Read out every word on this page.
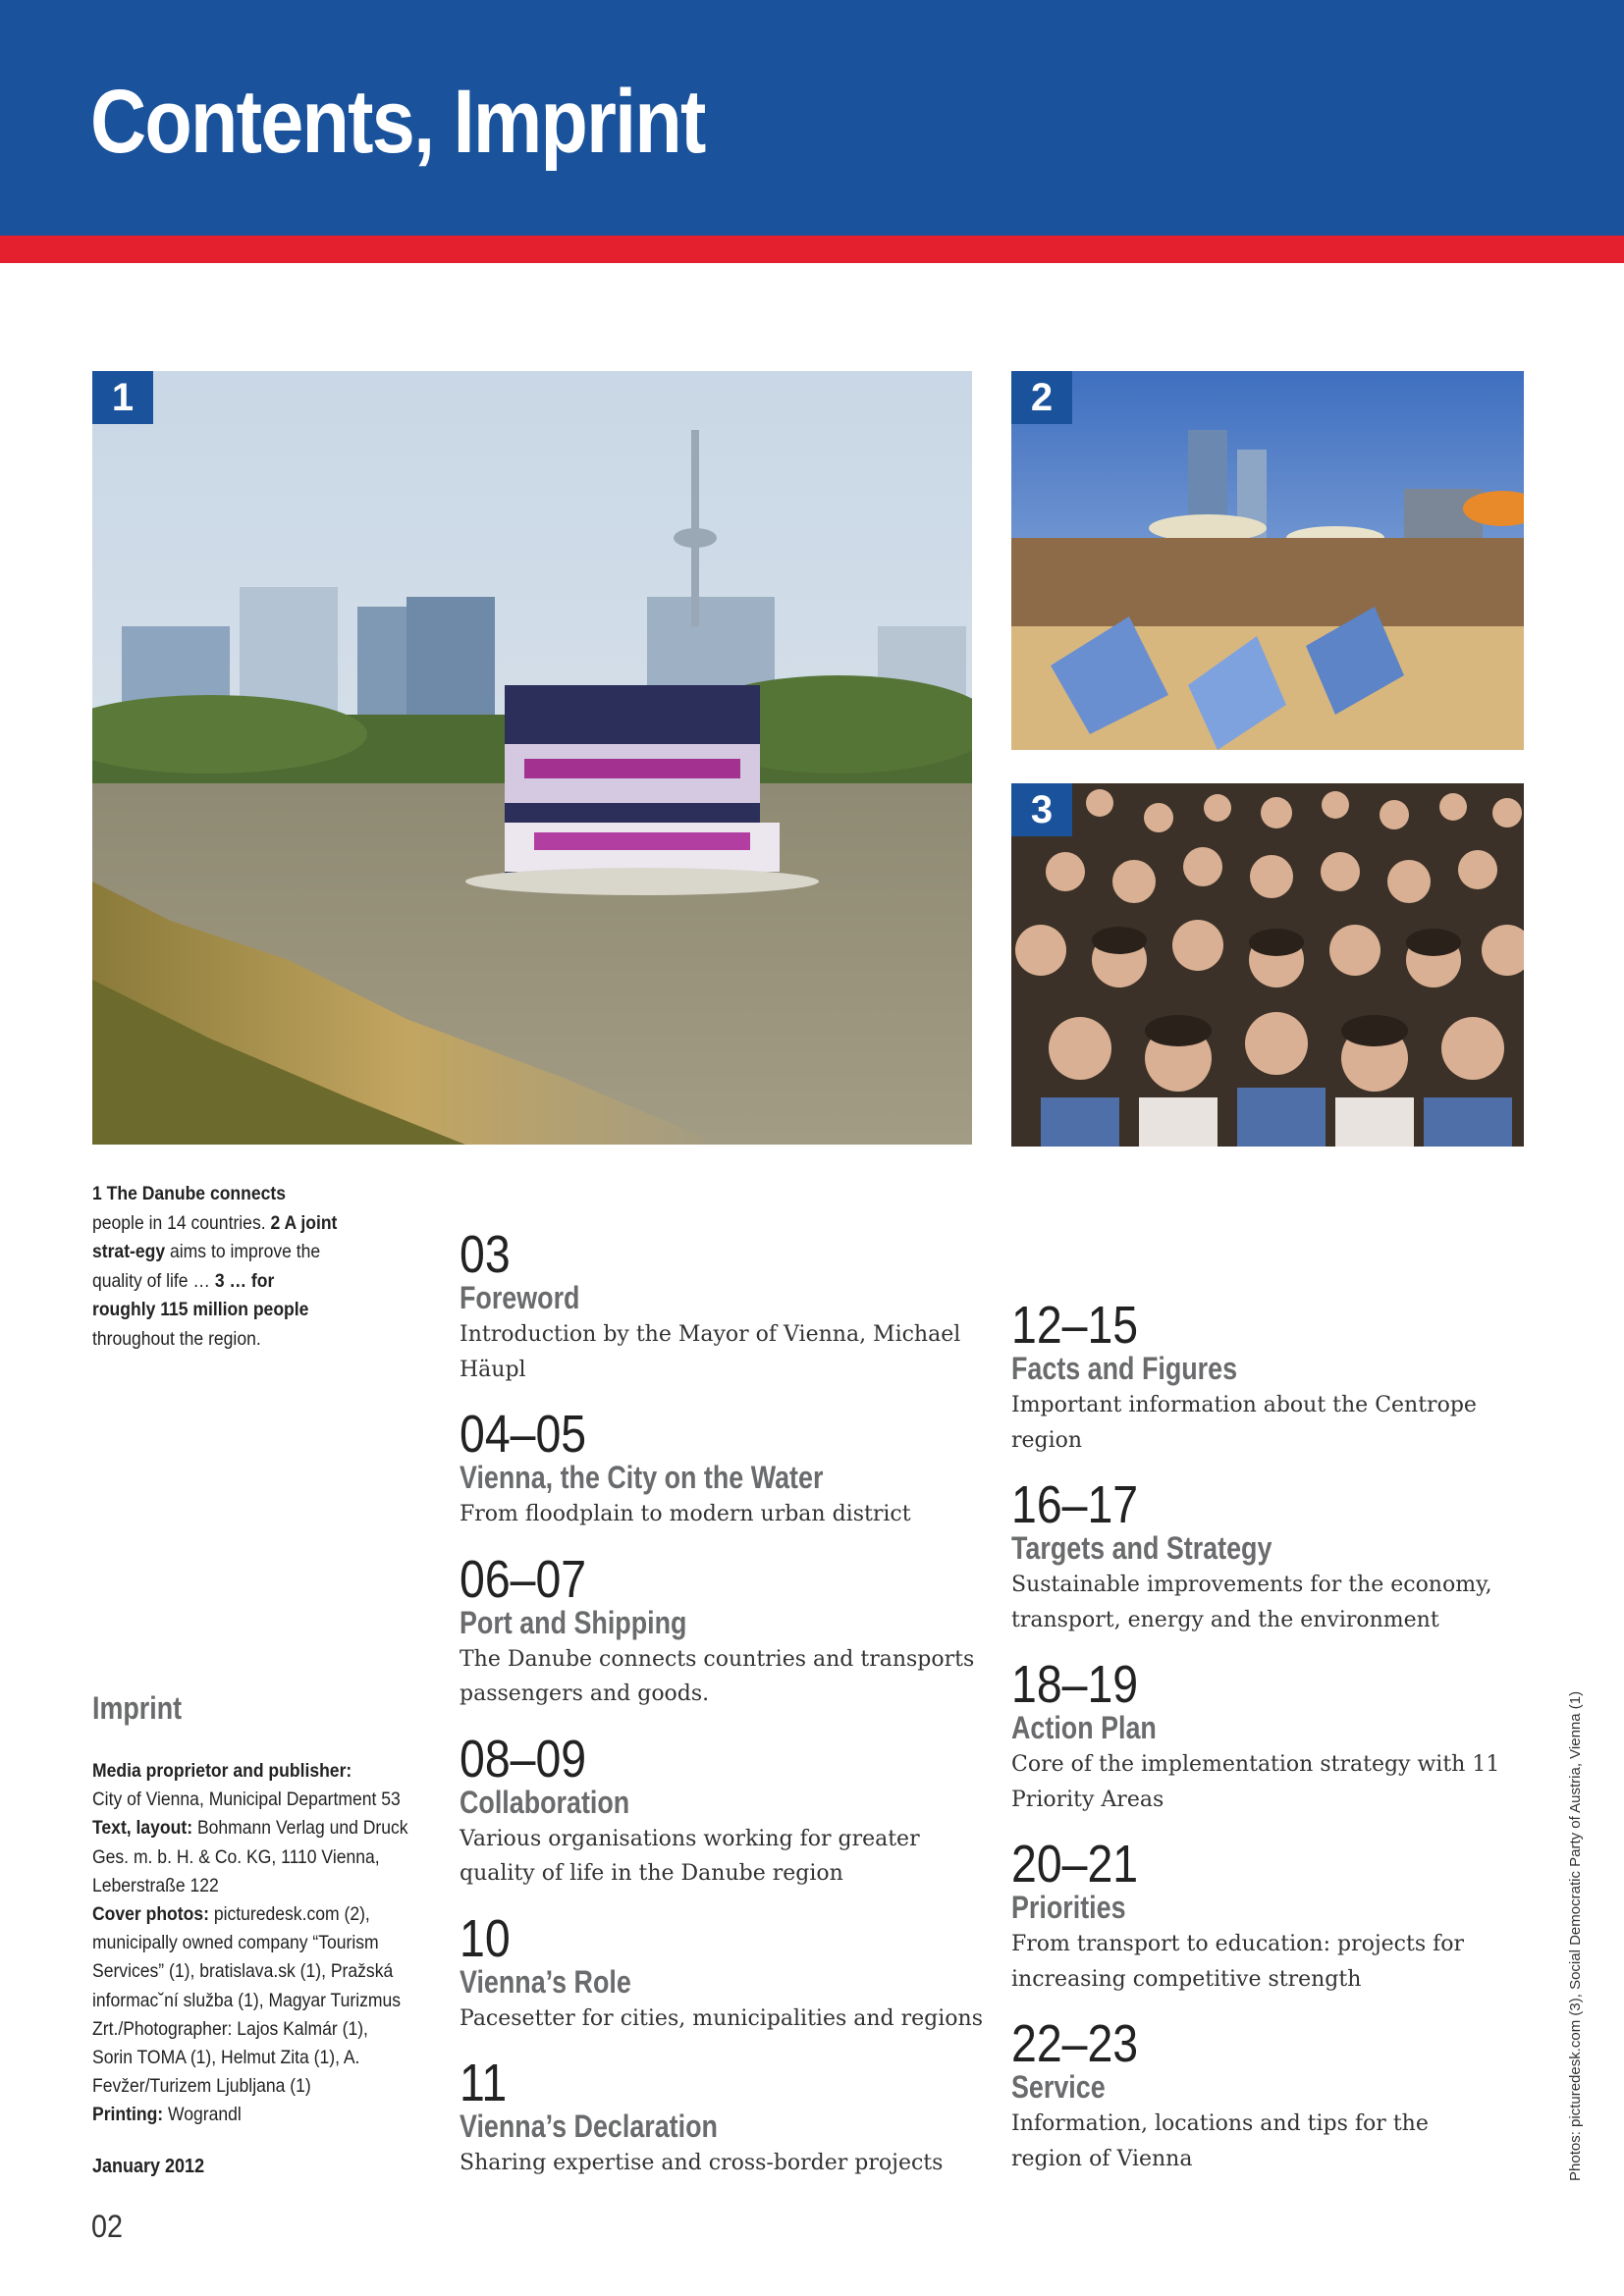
Contents, Imprint
1	2
3
1 The Danube connects people in 14 countries. 2 A joint strat-egy aims to improve the quality of life … 3 … for roughly 115 million people throughout the region.
03
Foreword
Introduction by the Mayor of Vienna, Michael Häupl
04–05
Vienna, the City on the Water
From floodplain to modern urban district
06–07
Port and Shipping
The Danube connects countries and transports passengers and goods.
08–09
Collaboration
Various organisations working for greater quality of life in the Danube region
10
Vienna’s Role
Pacesetter for cities, municipalities and regions
11
Vienna’s Declaration
Sharing expertise and cross-border projects
12–15
Facts and Figures
Important information about the Centrope region
16–17
Targets and Strategy
Sustainable improvements for the economy, transport, energy and the environment
18–19
Action Plan
Core of the implementation strategy with 11 Priority Areas
20–21
Priorities
From transport to education: projects for increasing competitive strength
22–23
Service
Information, locations and tips for the region of Vienna
Imprint
Media proprietor and publisher:
City of Vienna, Municipal Department 53
Text, layout: Bohmann Verlag und Druck Ges. m. b. H. & Co. KG, 1110 Vienna, Leberstraße 122
Cover photos: picturedesk.com (2), municipally owned company “Tourism Services” (1), bratislava.sk (1), Pražská informac˘ní služba (1), Magyar Turizmus Zrt./Photographer: Lajos Kalmár (1), Sorin TOMA (1), Helmut Zita (1), A. Fevžer/Turizem Ljubljana (1)
Printing: Wograndl
January 2012
02
Photos: picturedesk.com (3), Social Democratic Party of Austria, Vienna (1)
